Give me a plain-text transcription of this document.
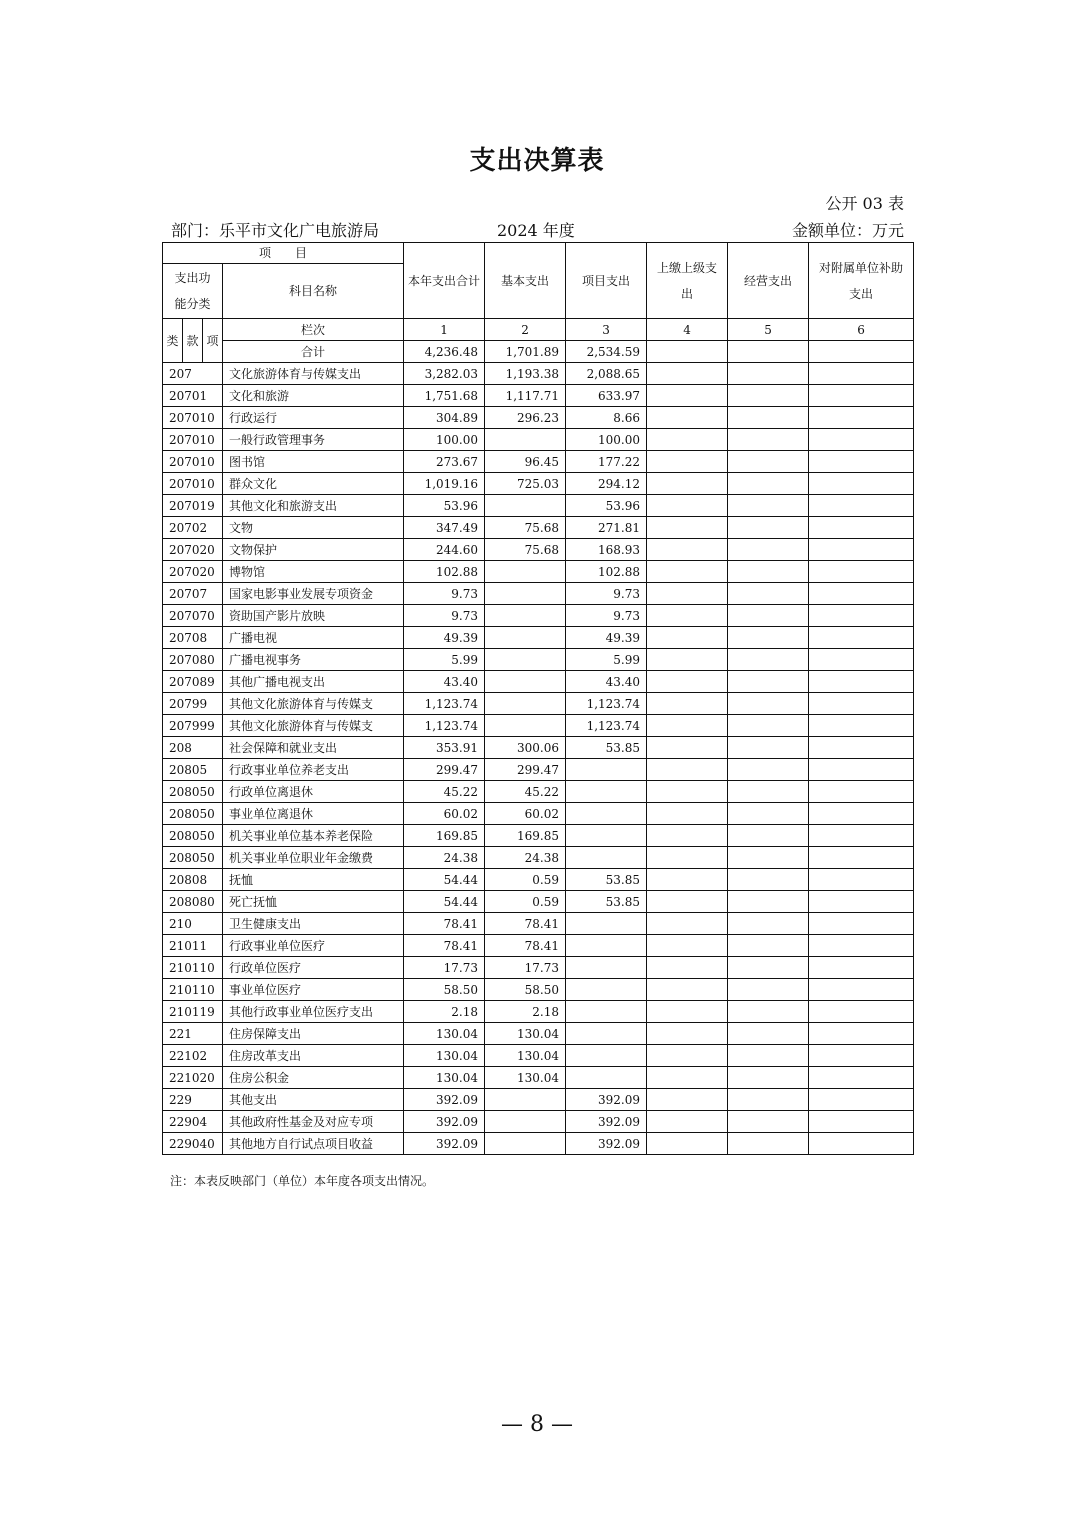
支出决算表
公开 03 表
部门：乐平市文化广电旅游局	2024 年度	金额单位：万元
项　　目				本年支出合计	基本支出	项目支出	上缴上级支出	经营支出	对附属单位补助支出
支出功能分类			科目名称						
类	款	项	栏次	1	2	3	4	5	6
			合计	4,236.48	1,701.89	2,534.59			
207			文化旅游体育与传媒支出	3,282.03	1,193.38	2,088.65			
20701			文化和旅游	1,751.68	1,117.71	633.97			
207010			行政运行	304.89	296.23	8.66			
207010			一般行政管理事务	100.00		100.00			
207010			图书馆	273.67	96.45	177.22			
207010			群众文化	1,019.16	725.03	294.12			
207019			其他文化和旅游支出	53.96		53.96			
20702			文物	347.49	75.68	271.81			
207020			文物保护	244.60	75.68	168.93			
207020			博物馆	102.88		102.88			
20707			国家电影事业发展专项资金	9.73		9.73			
207070			资助国产影片放映	9.73		9.73			
20708			广播电视	49.39		49.39			
207080			广播电视事务	5.99		5.99			
207089			其他广播电视支出	43.40		43.40			
20799			其他文化旅游体育与传媒支	1,123.74		1,123.74			
207999			其他文化旅游体育与传媒支	1,123.74		1,123.74			
208			社会保障和就业支出	353.91	300.06	53.85			
20805			行政事业单位养老支出	299.47	299.47				
208050			行政单位离退休	45.22	45.22				
208050			事业单位离退休	60.02	60.02				
208050			机关事业单位基本养老保险	169.85	169.85				
208050			机关事业单位职业年金缴费	24.38	24.38				
20808			抚恤	54.44	0.59	53.85			
208080			死亡抚恤	54.44	0.59	53.85			
210			卫生健康支出	78.41	78.41				
21011			行政事业单位医疗	78.41	78.41				
210110			行政单位医疗	17.73	17.73				
210110			事业单位医疗	58.50	58.50				
210119			其他行政事业单位医疗支出	2.18	2.18				
221			住房保障支出	130.04	130.04				
22102			住房改革支出	130.04	130.04				
221020			住房公积金	130.04	130.04				
229			其他支出	392.09		392.09			
22904			其他政府性基金及对应专项	392.09		392.09			
229040			其他地方自行试点项目收益	392.09		392.09			
注：本表反映部门（单位）本年度各项支出情况。
— 8 —
